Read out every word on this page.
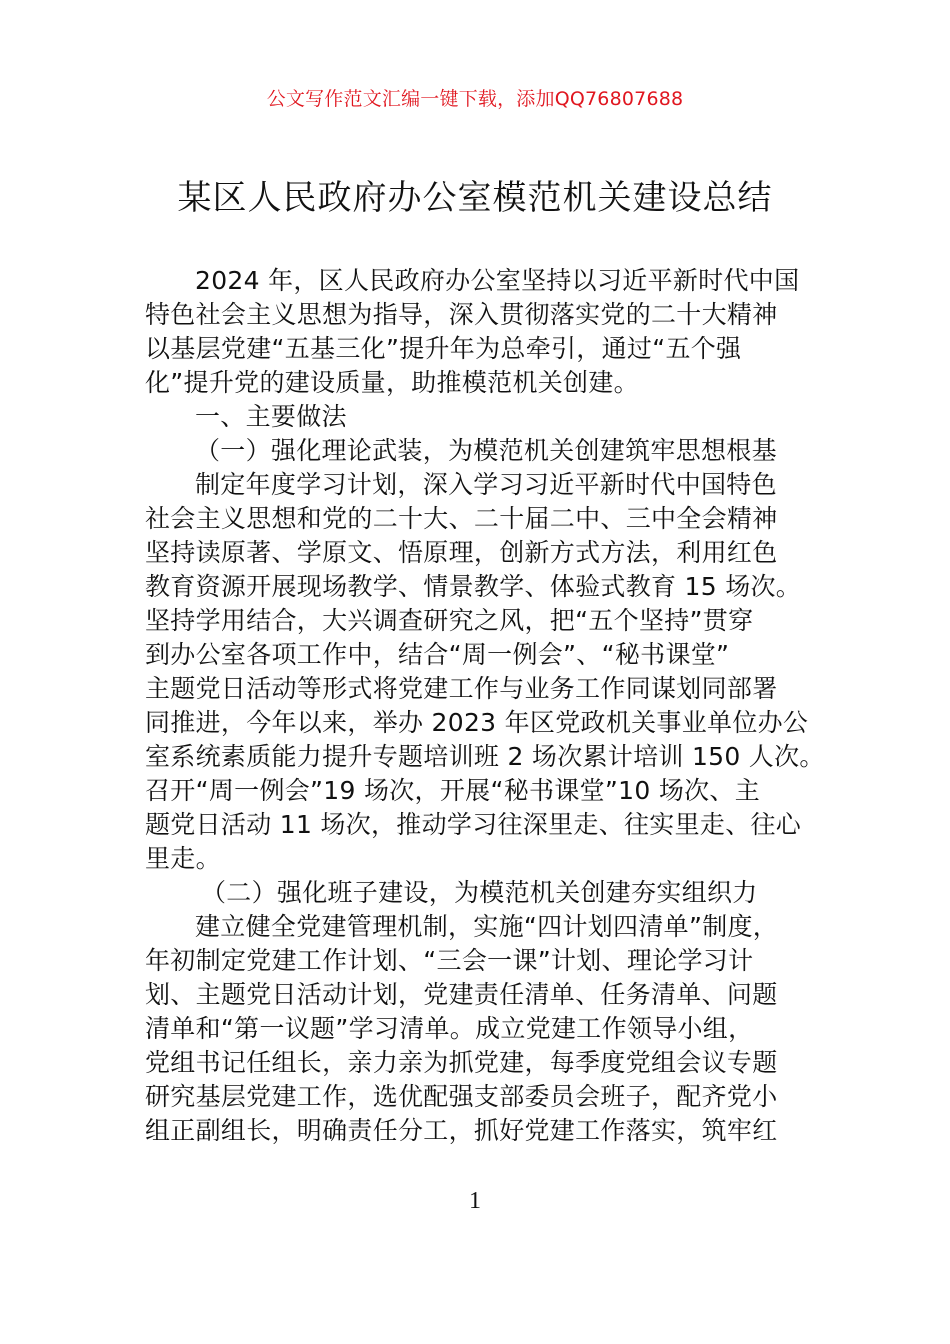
公文写作范文汇编一键下载，添加QQ76807688
某区人民政府办公室模范机关建设总结
2024 年，区人民政府办公室坚持以习近平新时代中国
特色社会主义思想为指导，深入贯彻落实党的二十大精神
以基层党建“五基三化”提升年为总牵引，通过“五个强
化”提升党的建设质量，助推模范机关创建。
一、主要做法
（一）强化理论武装，为模范机关创建筑牢思想根基
制定年度学习计划，深入学习习近平新时代中国特色
社会主义思想和党的二十大、二十届二中、三中全会精神
坚持读原著、学原文、悟原理，创新方式方法，利用红色
教育资源开展现场教学、情景教学、体验式教育 15 场次。
坚持学用结合，大兴调查研究之风，把“五个坚持”贯穿
到办公室各项工作中，结合“周一例会”、“秘书课堂”
主题党日活动等形式将党建工作与业务工作同谋划同部署
同推进，今年以来，举办 2023 年区党政机关事业单位办公
室系统素质能力提升专题培训班 2 场次累计培训 150 人次。
召开“周一例会”19 场次，开展“秘书课堂”10 场次、主
题党日活动 11 场次，推动学习往深里走、往实里走、往心
里走。
（二）强化班子建设，为模范机关创建夯实组织力
建立健全党建管理机制，实施“四计划四清单”制度，
年初制定党建工作计划、“三会一课”计划、理论学习计
划、主题党日活动计划，党建责任清单、任务清单、问题
清单和“第一议题”学习清单。成立党建工作领导小组，
党组书记任组长，亲力亲为抓党建，每季度党组会议专题
研究基层党建工作，选优配强支部委员会班子，配齐党小
组正副组长，明确责任分工，抓好党建工作落实，筑牢红
1
